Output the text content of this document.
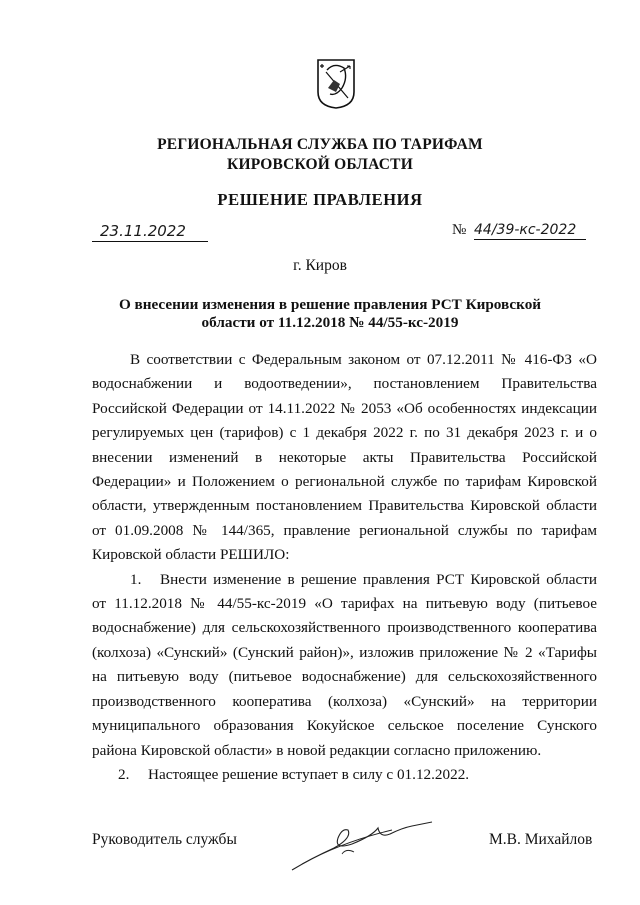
РЕГИОНАЛЬНАЯ СЛУЖБА ПО ТАРИФАМ
КИРОВСКОЙ ОБЛАСТИ
РЕШЕНИЕ ПРАВЛЕНИЯ
23.11.2022	№ 44/39-кс-2022
г. Киров
О внесении изменения в решение правления РСТ Кировской
области от 11.12.2018 № 44/55-кс-2019

В соответствии с Федеральным законом от 07.12.2011 № 416-ФЗ «О водоснабжении и водоотведении», постановлением Правительства Российской Федерации от 14.11.2022 № 2053 «Об особенностях индексации регулируемых цен (тарифов) с 1 декабря 2022 г. по 31 декабря 2023 г. и о внесении изменений в некоторые акты Правительства Российской Федерации» и Положением о региональной службе по тарифам Кировской области, утвержденным постановлением Правительства Кировской области от 01.09.2008 № 144/365, правление региональной службы по тарифам Кировской области РЕШИЛО:

1. Внести изменение в решение правления РСТ Кировской области от 11.12.2018 № 44/55-кс-2019 «О тарифах на питьевую воду (питьевое водоснабжение) для сельскохозяйственного производственного кооператива (колхоза) «Сунский» (Сунский район)», изложив приложение № 2 «Тарифы на питьевую воду (питьевое водоснабжение) для сельскохозяйственного производственного кооператива (колхоза) «Сунский» на территории муниципального образования Кокуйское сельское поселение Сунского района Кировской области» в новой редакции согласно приложению.

2. Настоящее решение вступает в силу с 01.12.2022.

Руководитель службы	М.В. Михайлов
